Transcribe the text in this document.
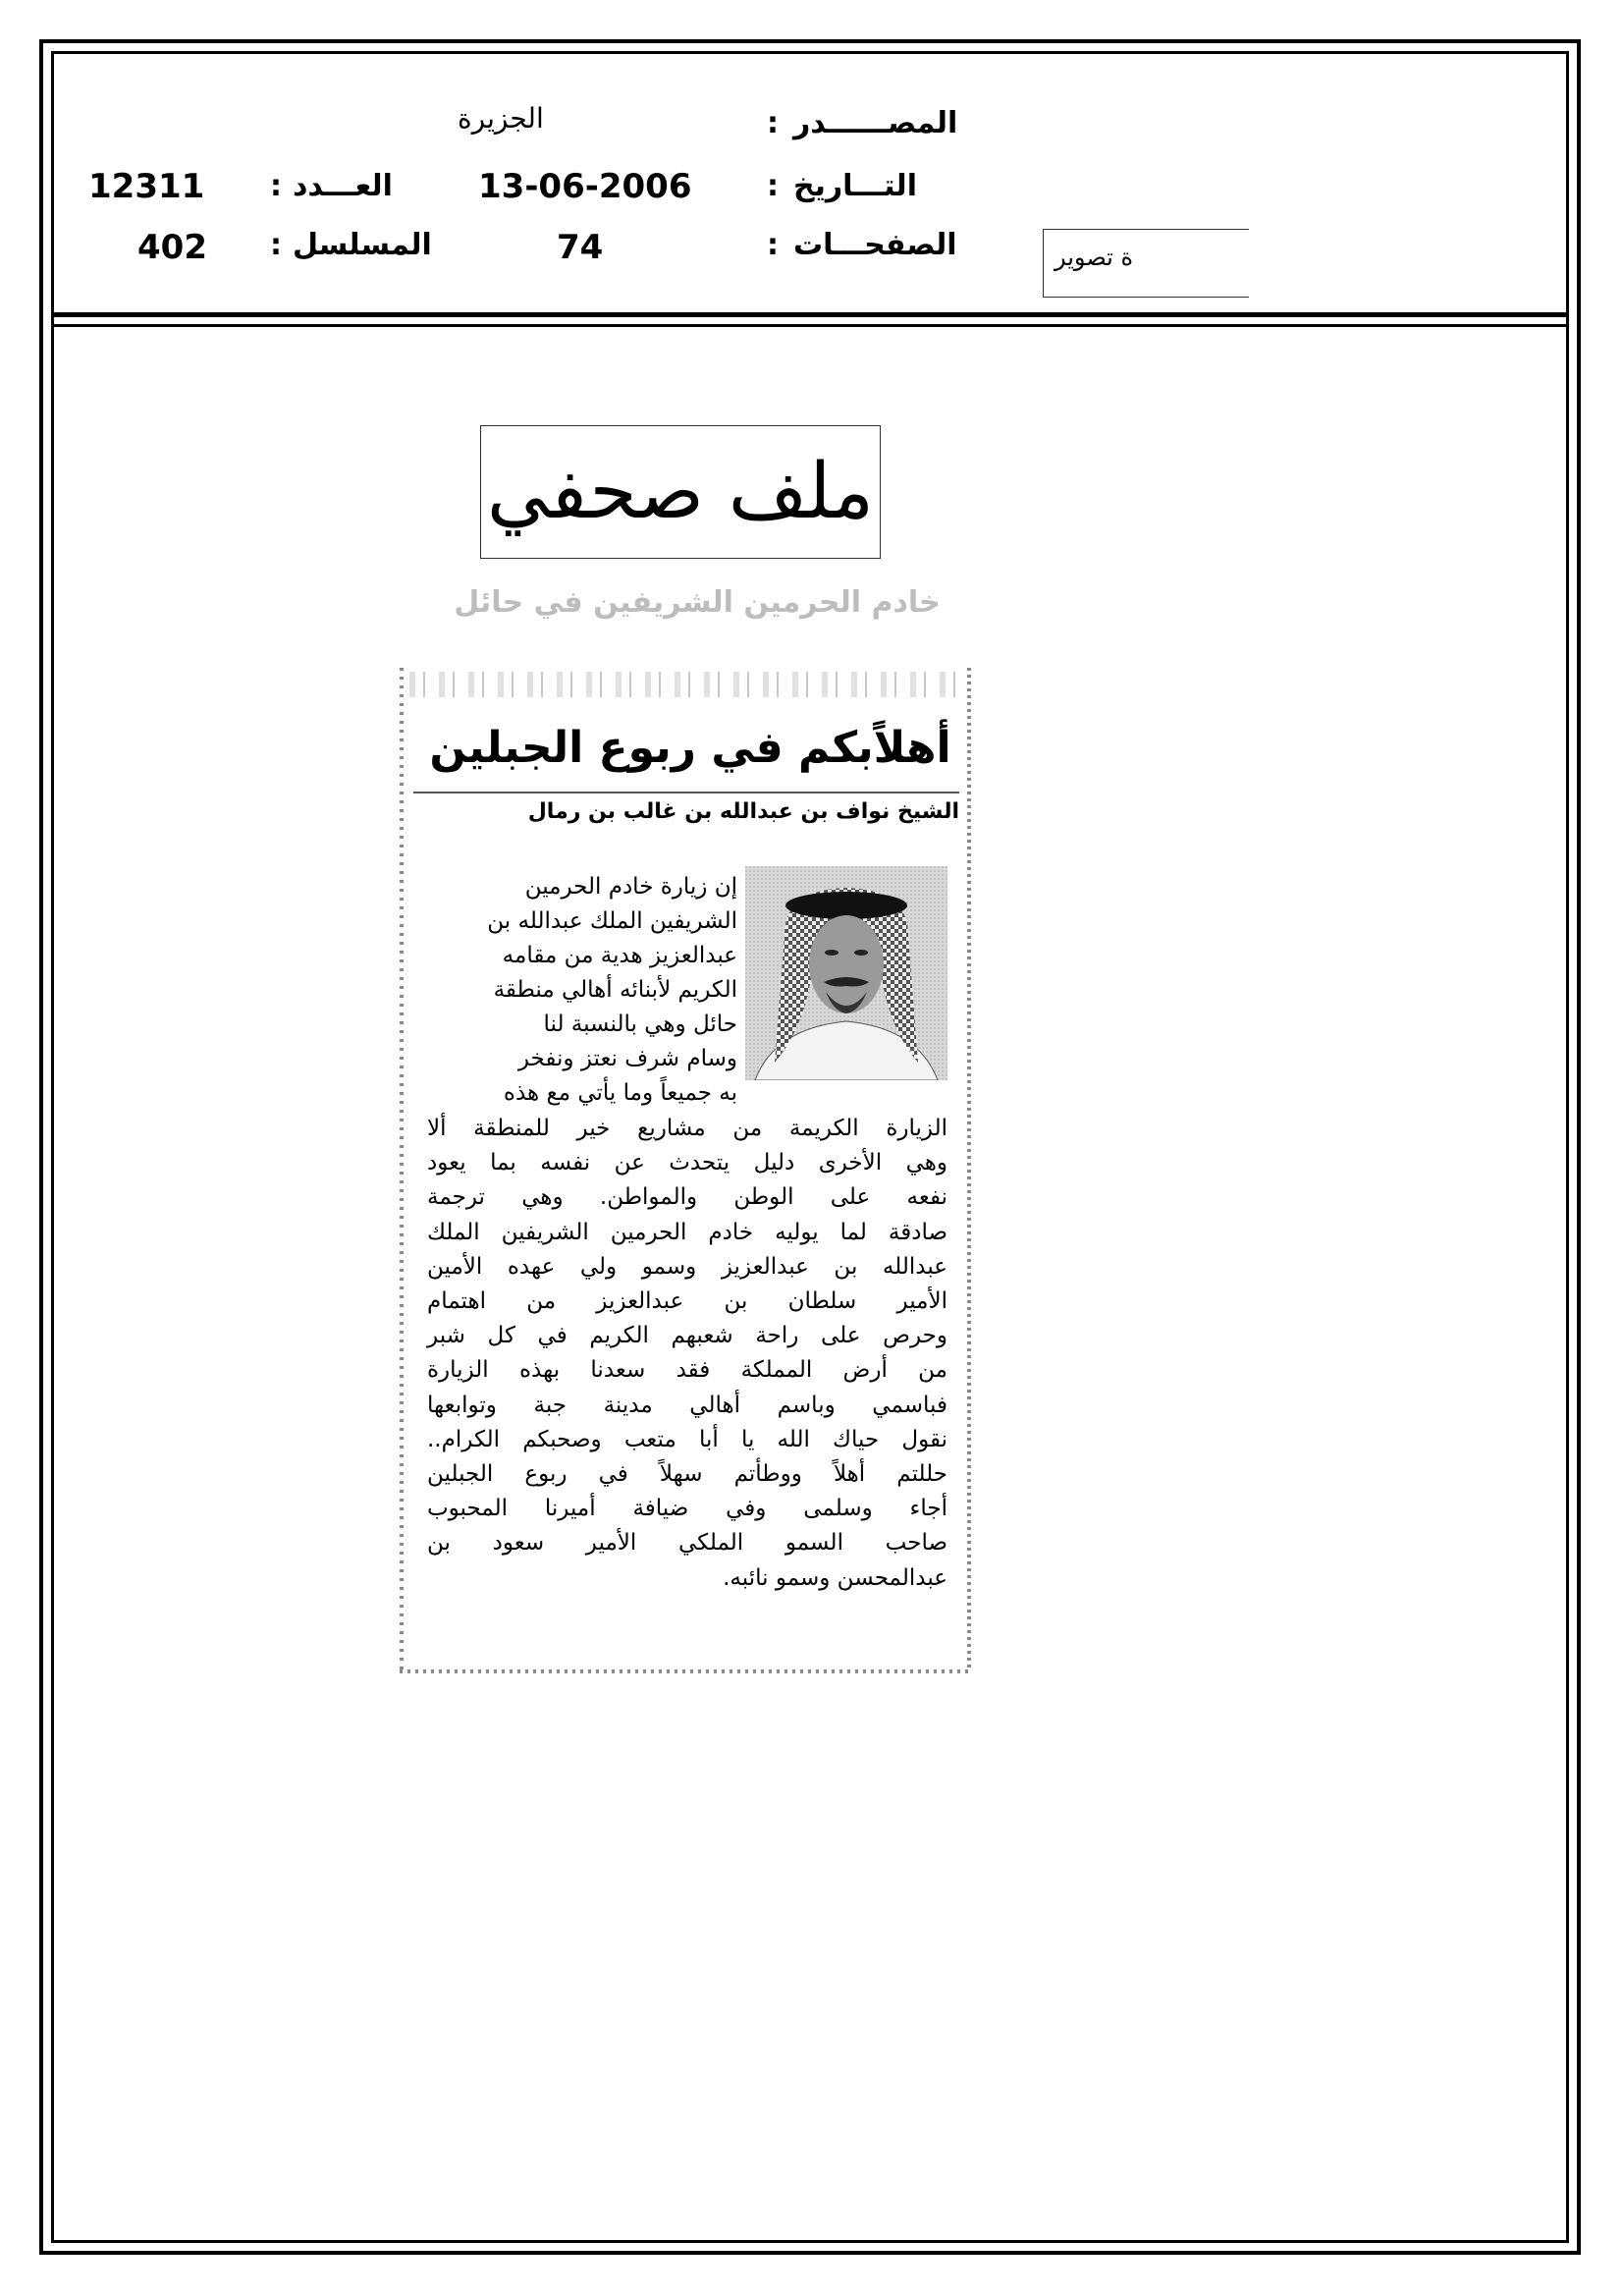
المصــــــدر
:
الجزيرة
التـــاريخ
:
13-06-2006
العـــدد
:
12311
الصفحـــات
:
74
المسلسل
:
402	ة تصوير
ملف صحفي
خادم الحرمين الشريفين في حائل
أهلاًبكم في ربوع الجبلين
الشيخ نواف بن عبدالله بن غالب بن رمال

إن زيارة خادم الحرمين

الشريفين الملك عبدالله بن

عبدالعزيز هدية من مقامه

الكريم لأبنائه أهالي منطقة

حائل وهي بالنسبة لنا

وسام شرف نعتز ونفخر

به جميعاً وما يأتي مع هذه

الزيارة الكريمة من مشاريع خير للمنطقة ألا

وهي الأخرى دليل يتحدث عن نفسه بما يعود

نفعه على الوطن والمواطن. وهي ترجمة

صادقة لما يوليه خادم الحرمين الشريفين الملك

عبدالله بن عبدالعزيز وسمو ولي عهده الأمين

الأمير سلطان بن عبدالعزيز من اهتمام

وحرص على راحة شعبهم الكريم في كل شبر

من أرض المملكة فقد سعدنا بهذه الزيارة

فباسمي وباسم أهالي مدينة جبة وتوابعها

نقول حياك الله يا أبا متعب وصحبكم الكرام..

حللتم أهلاً ووطأتم سهلاً في ربوع الجبلين

أجاء وسلمى وفي ضيافة أميرنا المحبوب

صاحب السمو الملكي الأمير سعود بن

عبدالمحسن وسمو نائبه.
